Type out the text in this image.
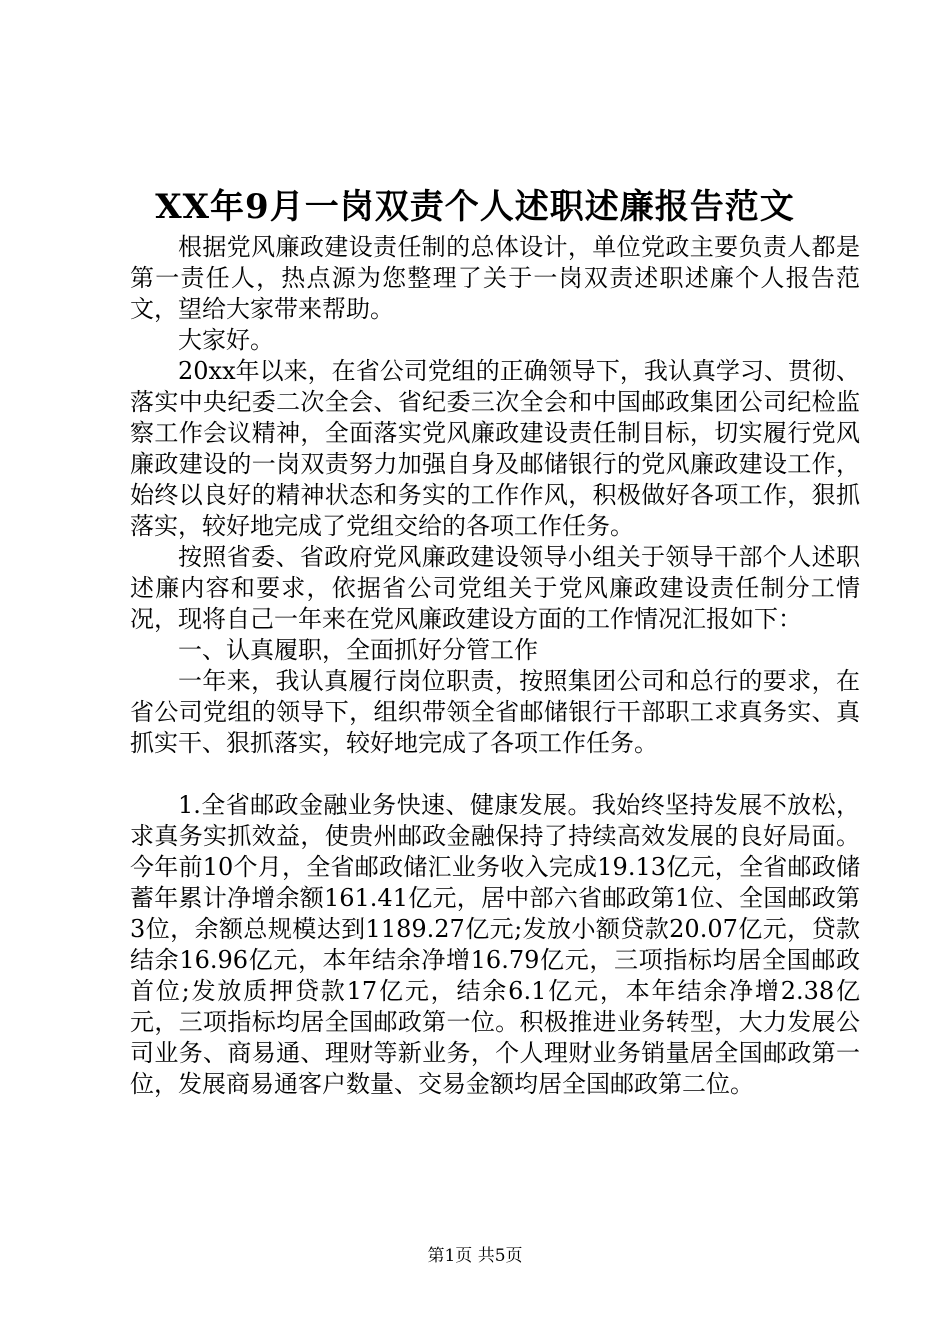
XX年9月一岗双责个人述职述廉报告范文

根据党风廉政建设责任制的总体设计，单位党政主要负责人都是第一责任人，热点源为您整理了关于一岗双责述职述廉个人报告范文，望给大家带来帮助。

大家好。

20xx年以来，在省公司党组的正确领导下，我认真学习、贯彻、落实中央纪委二次全会、省纪委三次全会和中国邮政集团公司纪检监察工作会议精神，全面落实党风廉政建设责任制目标，切实履行党风廉政建设的一岗双责努力加强自身及邮储银行的党风廉政建设工作，始终以良好的精神状态和务实的工作作风，积极做好各项工作，狠抓落实，较好地完成了党组交给的各项工作任务。

按照省委、省政府党风廉政建设领导小组关于领导干部个人述职述廉内容和要求，依据省公司党组关于党风廉政建设责任制分工情况，现将自己一年来在党风廉政建设方面的工作情况汇报如下：

一、认真履职，全面抓好分管工作

一年来，我认真履行岗位职责，按照集团公司和总行的要求，在省公司党组的领导下，组织带领全省邮储银行干部职工求真务实、真抓实干、狠抓落实，较好地完成了各项工作任务。

1.全省邮政金融业务快速、健康发展。我始终坚持发展不放松，求真务实抓效益，使贵州邮政金融保持了持续高效发展的良好局面。今年前10个月，全省邮政储汇业务收入完成19.13亿元，全省邮政储蓄年累计净增余额161.41亿元，居中部六省邮政第1位、全国邮政第3位，余额总规模达到1189.27亿元;发放小额贷款20.07亿元，贷款结余16.96亿元，本年结余净增16.79亿元，三项指标均居全国邮政首位;发放质押贷款17亿元，结余6.1亿元，本年结余净增2.38亿元，三项指标均居全国邮政第一位。积极推进业务转型，大力发展公司业务、商易通、理财等新业务，个人理财业务销量居全国邮政第一位，发展商易通客户数量、交易金额均居全国邮政第二位。

第1页 共5页
